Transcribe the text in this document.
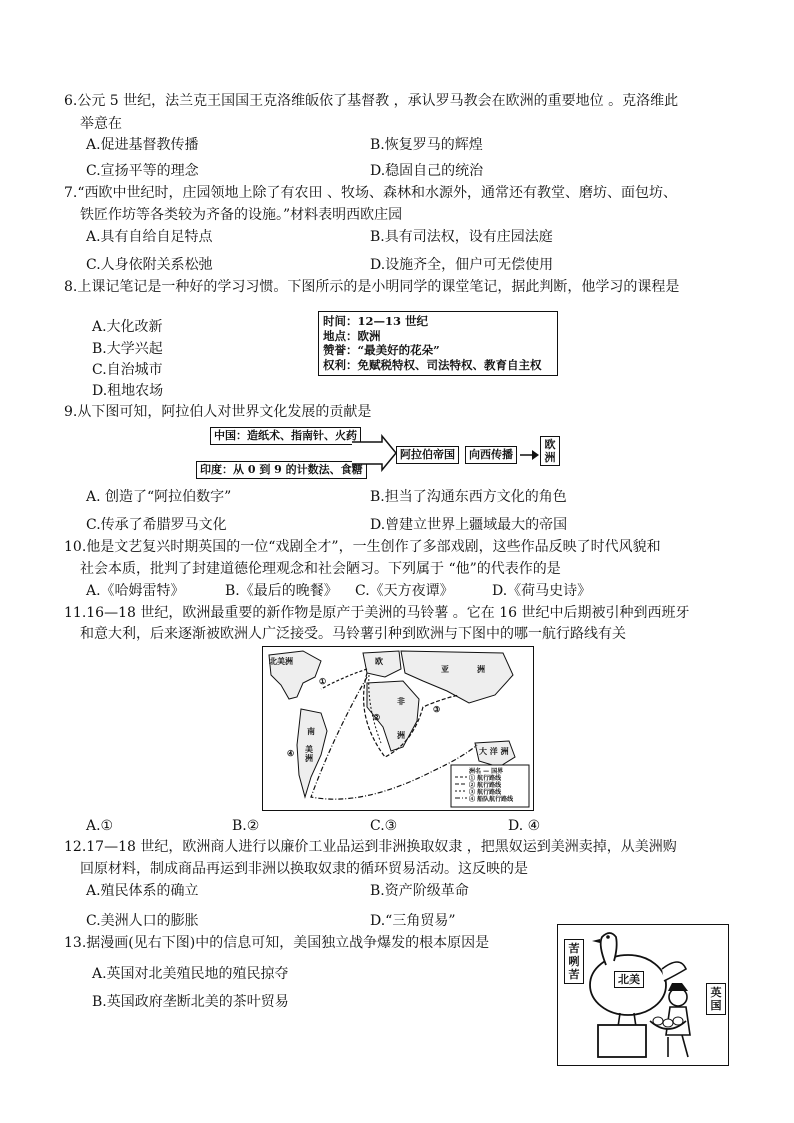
6.公元 5 世纪，法兰克王国国王克洛维皈依了基督教 ，承认罗马教会在欧洲的重要地位 。克洛维此
举意在
A.促进基督教传播	B.恢复罗马的辉煌
C.宣扬平等的理念	D.稳固自己的统治
7.“西欧中世纪时，庄园领地上除了有农田 、牧场、森林和水源外，通常还有教堂、磨坊、面包坊、
铁匠作坊等各类较为齐备的设施。”材料表明西欧庄园
A.具有自给自足特点	B.具有司法权，设有庄园法庭
C.人身依附关系松弛	D.设施齐全，佃户可无偿使用
8.上课记笔记是一种好的学习习惯。下图所示的是小明同学的课堂笔记，据此判断，他学习的课程是
A.大化改新
B.大学兴起
C.自治城市
D.租地农场
时间：12—13 世纪
地点：欧洲
赞誉：“最美好的花朵”
权利：免赋税特权、司法特权、教育自主权
9.从下图可知，阿拉伯人对世界文化发展的贡献是
中国：造纸术、指南针、火药
印度：从 0 到 9 的计数法、食糖
阿拉伯帝国	向西传播
欧洲
A. 创造了“阿拉伯数字”	B.担当了沟通东西方文化的角色
C.传承了希腊罗马文化	D.曾建立世界上疆域最大的帝国
10.他是文艺复兴时期英国的一位“戏剧全才”，一生创作了多部戏剧，这些作品反映了时代风貌和
社会本质，批判了封建道德伦理观念和社会陋习。下列属于 “他”的代表作的是
A.《哈姆雷特》	B.《最后的晚餐》 C.《天方夜谭》	D.《荷马史诗》
11.16—18 世纪，欧洲最重要的新作物是原产于美洲的马铃薯 。它在 16 世纪中后期被引种到西班牙
和意大利，后来逐渐被欧洲人广泛接受。马铃薯引种到欧洲与下图中的哪一航行路线有关
北美洲
南
美洲
欧
亚	洲
非
洲
大 洋 洲
①
②
③
④
洲名 — 国界
① 航行路线
② 航行路线
③ 航行路线
④ 船队航行路线
A.①	B.②	C.③	D. ④
12.17—18 世纪，欧洲商人进行以廉价工业品运到非洲换取奴隶 ，把黑奴运到美洲卖掉，从美洲购
回原材料，制成商品再运到非洲以换取奴隶的循环贸易活动。这反映的是
A.殖民体系的确立	B.资产阶级革命
C.美洲人口的膨胀	D.“三角贸易”
13.据漫画(见右下图)中的信息可知，美国独立战争爆发的根本原因是
A.英国对北美殖民地的殖民掠夺
B.英国政府垄断北美的茶叶贸易
苦咧苦	北美
英国
